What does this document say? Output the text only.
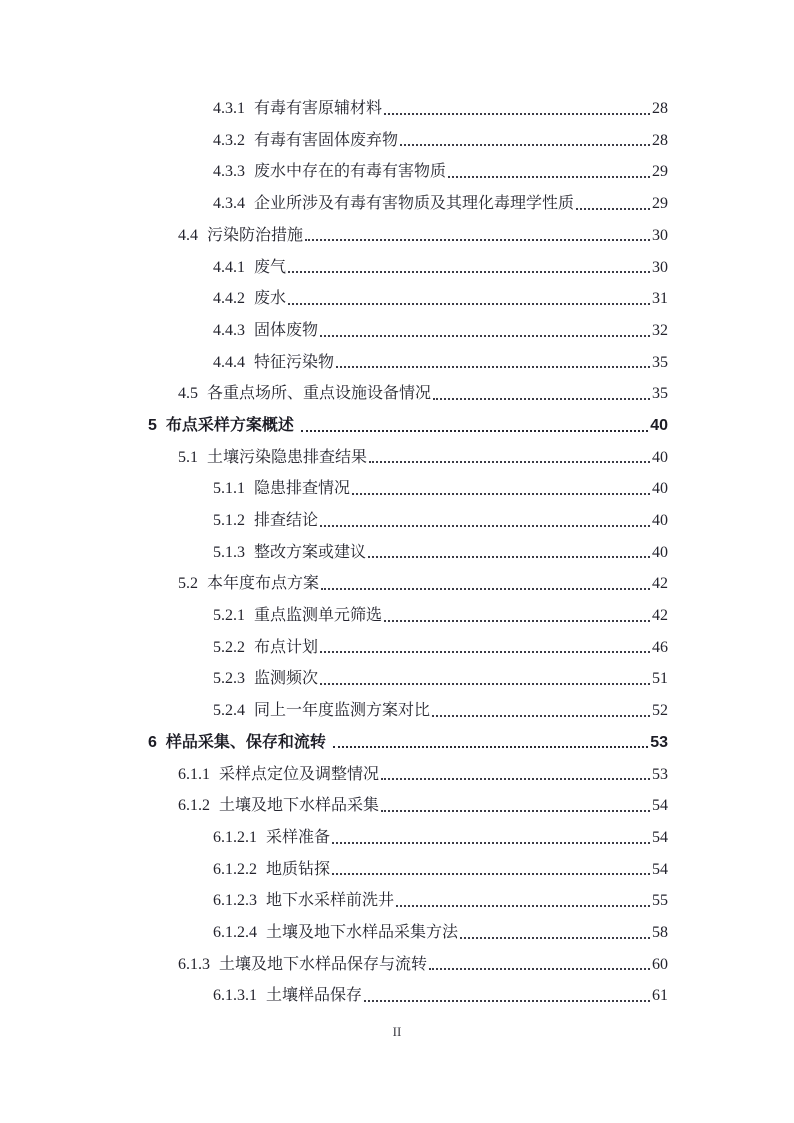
4.3.1 有毒有害原辅材料	28
4.3.2 有毒有害固体废弃物	28
4.3.3 废水中存在的有毒有害物质	29
4.3.4 企业所涉及有毒有害物质及其理化毒理学性质	29
4.4 污染防治措施	30
4.4.1 废气	30
4.4.2 废水	31
4.4.3 固体废物	32
4.4.4 特征污染物	35
4.5 各重点场所、重点设施设备情况	35
5 布点采样方案概述	40
5.1 土壤污染隐患排查结果	40
5.1.1 隐患排查情况	40
5.1.2 排查结论	40
5.1.3 整改方案或建议	40
5.2 本年度布点方案	42
5.2.1 重点监测单元筛选	42
5.2.2 布点计划	46
5.2.3 监测频次	51
5.2.4 同上一年度监测方案对比	52
6 样品采集、保存和流转	53
6.1.1 采样点定位及调整情况	53
6.1.2 土壤及地下水样品采集	54
6.1.2.1 采样准备	54
6.1.2.2 地质钻探	54
6.1.2.3 地下水采样前洗井	55
6.1.2.4 土壤及地下水样品采集方法	58
6.1.3 土壤及地下水样品保存与流转	60
6.1.3.1 土壤样品保存	61
II
